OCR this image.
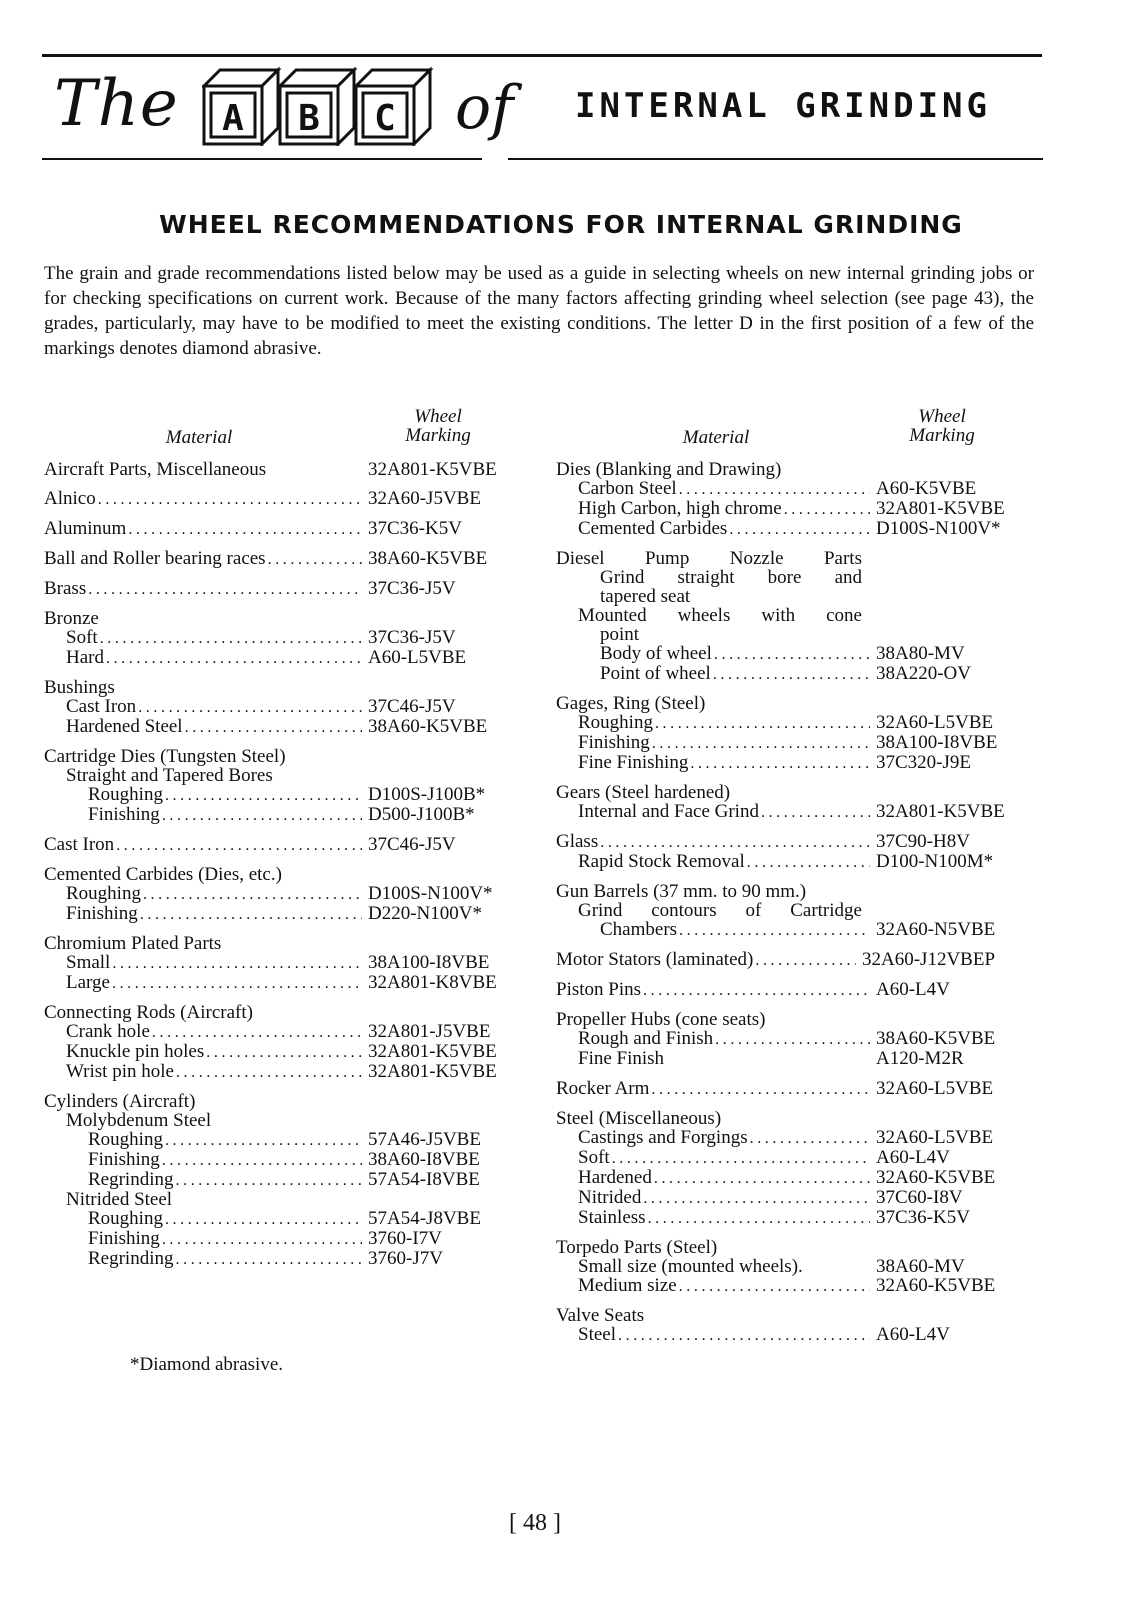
The A B C of INTERNAL GRINDING
WHEEL RECOMMENDATIONS FOR INTERNAL GRINDING

The grain and grade recommendations listed below may be used as a guide in selecting wheels on new internal grinding jobs or for checking specifications on current work. Because of the many factors affecting grinding wheel selection (see page 43), the grades, particularly, may have to be modified to meet the existing conditions. The letter D in the first position of a few of the markings denotes diamond abrasive.

Material
Wheel
Marking
Aircraft Parts, Miscellaneous	32A801-K5VBE
Alnico .....	32A60-J5VBE
Aluminum .....	37C36-K5V
Ball and Roller bearing races .....	38A60-K5VBE
Brass .....	37C36-J5V
Bronze
Soft .....	37C36-J5V
Hard .....	A60-L5VBE
Bushings
Cast Iron .....	37C46-J5V
Hardened Steel .....	38A60-K5VBE
Cartridge Dies (Tungsten Steel)
Straight and Tapered Bores
Roughing .....	D100S-J100B*
Finishing .....	D500-J100B*
Cast Iron .....	37C46-J5V
Cemented Carbides (Dies, etc.)
Roughing .....	D100S-N100V*
Finishing .....	D220-N100V*
Chromium Plated Parts
Small .....	38A100-I8VBE
Large .....	32A801-K8VBE
Connecting Rods (Aircraft)
Crank hole .....	32A801-J5VBE
Knuckle pin holes .....	32A801-K5VBE
Wrist pin hole .....	32A801-K5VBE
Cylinders (Aircraft)
Molybdenum Steel
Roughing .....	57A46-J5VBE
Finishing .....	38A60-I8VBE
Regrinding .....	57A54-I8VBE
Nitrided Steel
Roughing .....	57A54-J8VBE
Finishing .....	3760-I7V
Regrinding .....	3760-J7V
Material
Wheel
Marking
Dies (Blanking and Drawing)
Carbon Steel .....	A60-K5VBE
High Carbon, high chrome .....	32A801-K5VBE
Cemented Carbides .....	D100S-N100V*
Diesel Pump Nozzle Parts
Grind straight bore and
tapered seat
Mounted wheels with cone
point
Body of wheel .....	38A80-MV
Point of wheel .....	38A220-OV
Gages, Ring (Steel)
Roughing .....	32A60-L5VBE
Finishing .....	38A100-I8VBE
Fine Finishing .....	37C320-J9E
Gears (Steel hardened)
Internal and Face Grind .....	32A801-K5VBE
Glass .....	37C90-H8V
Rapid Stock Removal .....	D100-N100M*
Gun Barrels (37 mm. to 90 mm.)
Grind contours of Cartridge
Chambers .....	32A60-N5VBE
Motor Stators (laminated) .....	32A60-J12VBEP
Piston Pins .....	A60-L4V
Propeller Hubs (cone seats)
Rough and Finish .....	38A60-K5VBE
Fine Finish	A120-M2R
Rocker Arm .....	32A60-L5VBE
Steel (Miscellaneous)
Castings and Forgings .....	32A60-L5VBE
Soft .....	A60-L4V
Hardened .....	32A60-K5VBE
Nitrided .....	37C60-I8V
Stainless .....	37C36-K5V
Torpedo Parts (Steel)
Small size (mounted wheels).	38A60-MV
Medium size .....	32A60-K5VBE
Valve Seats
Steel .....	A60-L4V
*Diamond abrasive.
[ 48 ]
